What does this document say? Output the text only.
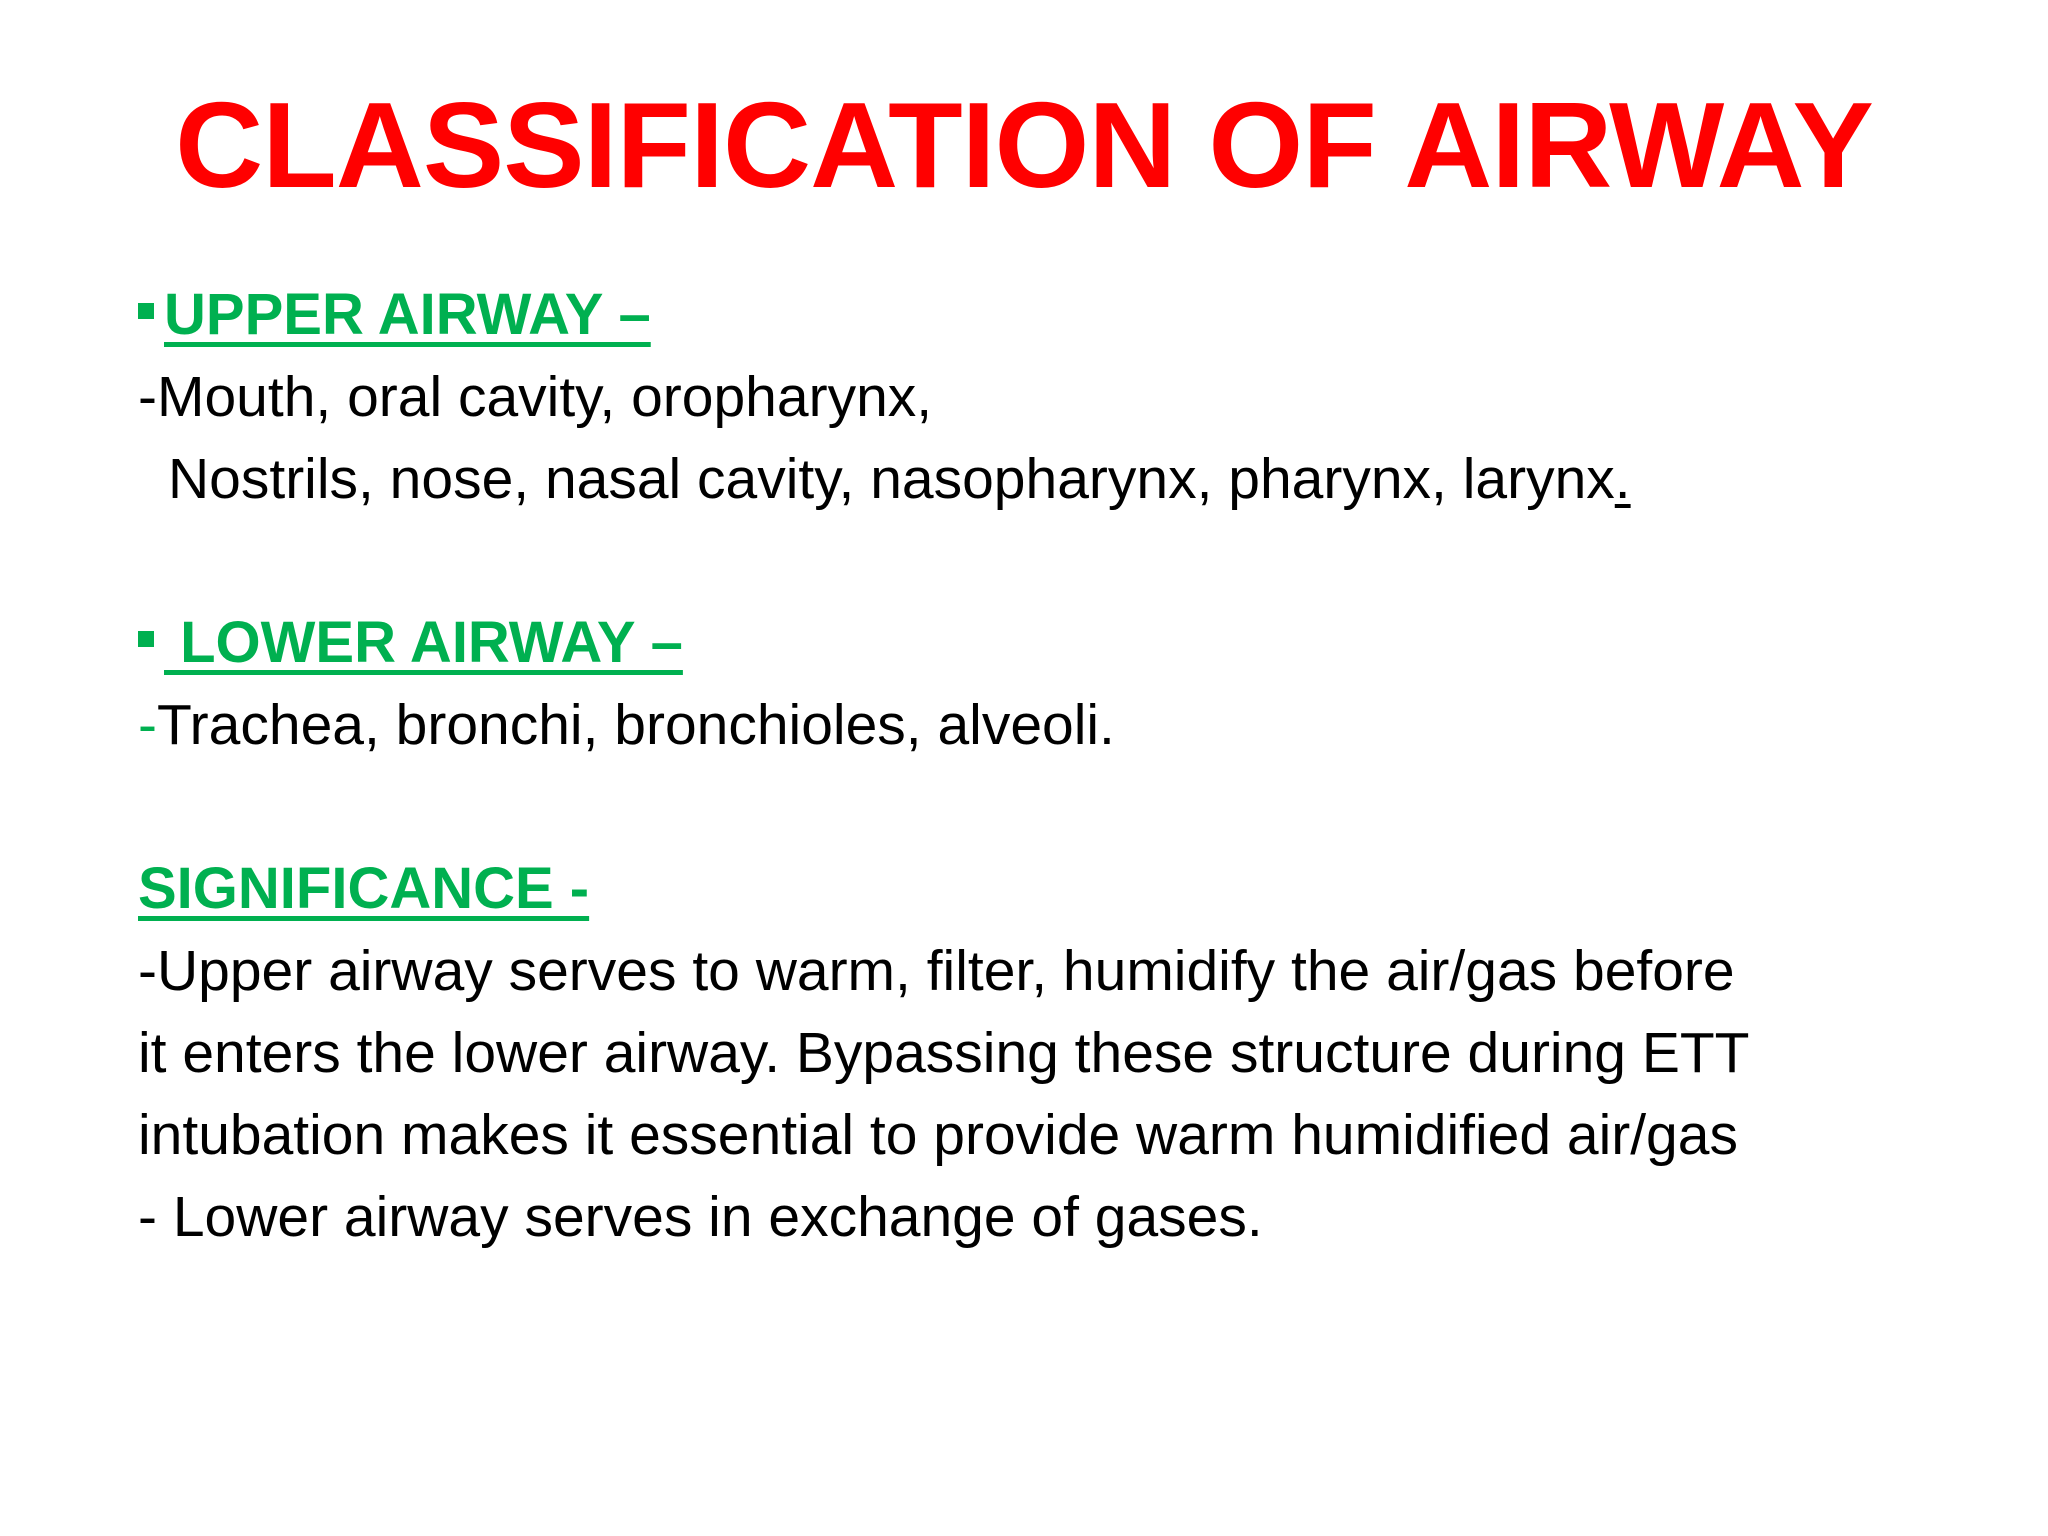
CLASSIFICATION OF AIRWAY
UPPER AIRWAY –
-Mouth, oral cavity, oropharynx,
Nostrils, nose, nasal cavity, nasopharynx, pharynx, larynx.
LOWER AIRWAY –
-Trachea, bronchi, bronchioles, alveoli.
SIGNIFICANCE -
-Upper airway serves to warm, filter, humidify the air/gas before
it enters the lower airway. Bypassing these structure during ETT
intubation makes it essential to provide warm humidified air/gas
- Lower airway serves in exchange of gases.
